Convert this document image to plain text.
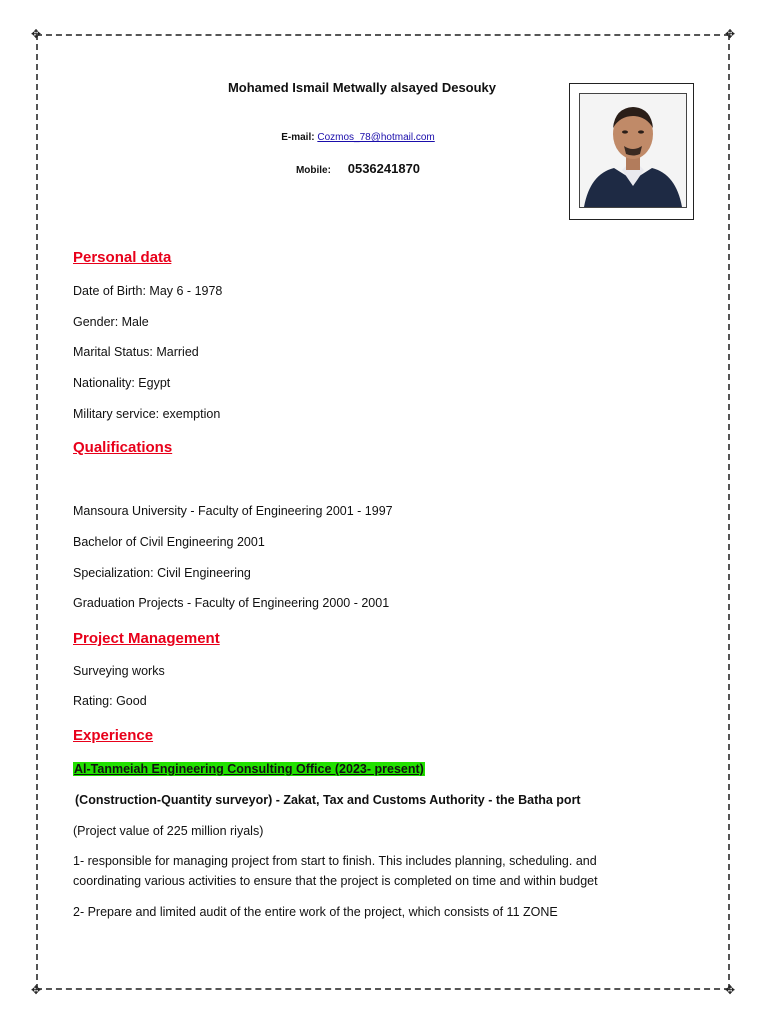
✥	✥
✥	✥
Mohamed Ismail Metwally alsayed Desouky
E-mail: Cozmos_78@hotmail.com
Mobile: 0536241870
Personal data
Date of Birth: May 6 - 1978
Gender: Male
Marital Status: Married
Nationality: Egypt
Military service: exemption
Qualifications
Mansoura University - Faculty of Engineering 2001 - 1997
Bachelor of Civil Engineering 2001
Specialization: Civil Engineering
Graduation Projects - Faculty of Engineering 2000 - 2001
Project Management
Surveying works
Rating: Good
Experience
Al-Tanmeiah Engineering Consulting Office (2023- present)
(Construction-Quantity surveyor) - Zakat, Tax and Customs Authority - the Batha port
(Project value of 225 million riyals)
1- responsible for managing project from start to finish. This includes planning, scheduling. and
coordinating various activities to ensure that the project is completed on time and within budget
2- Prepare and limited audit of the entire work of the project, which consists of 11 ZONE
